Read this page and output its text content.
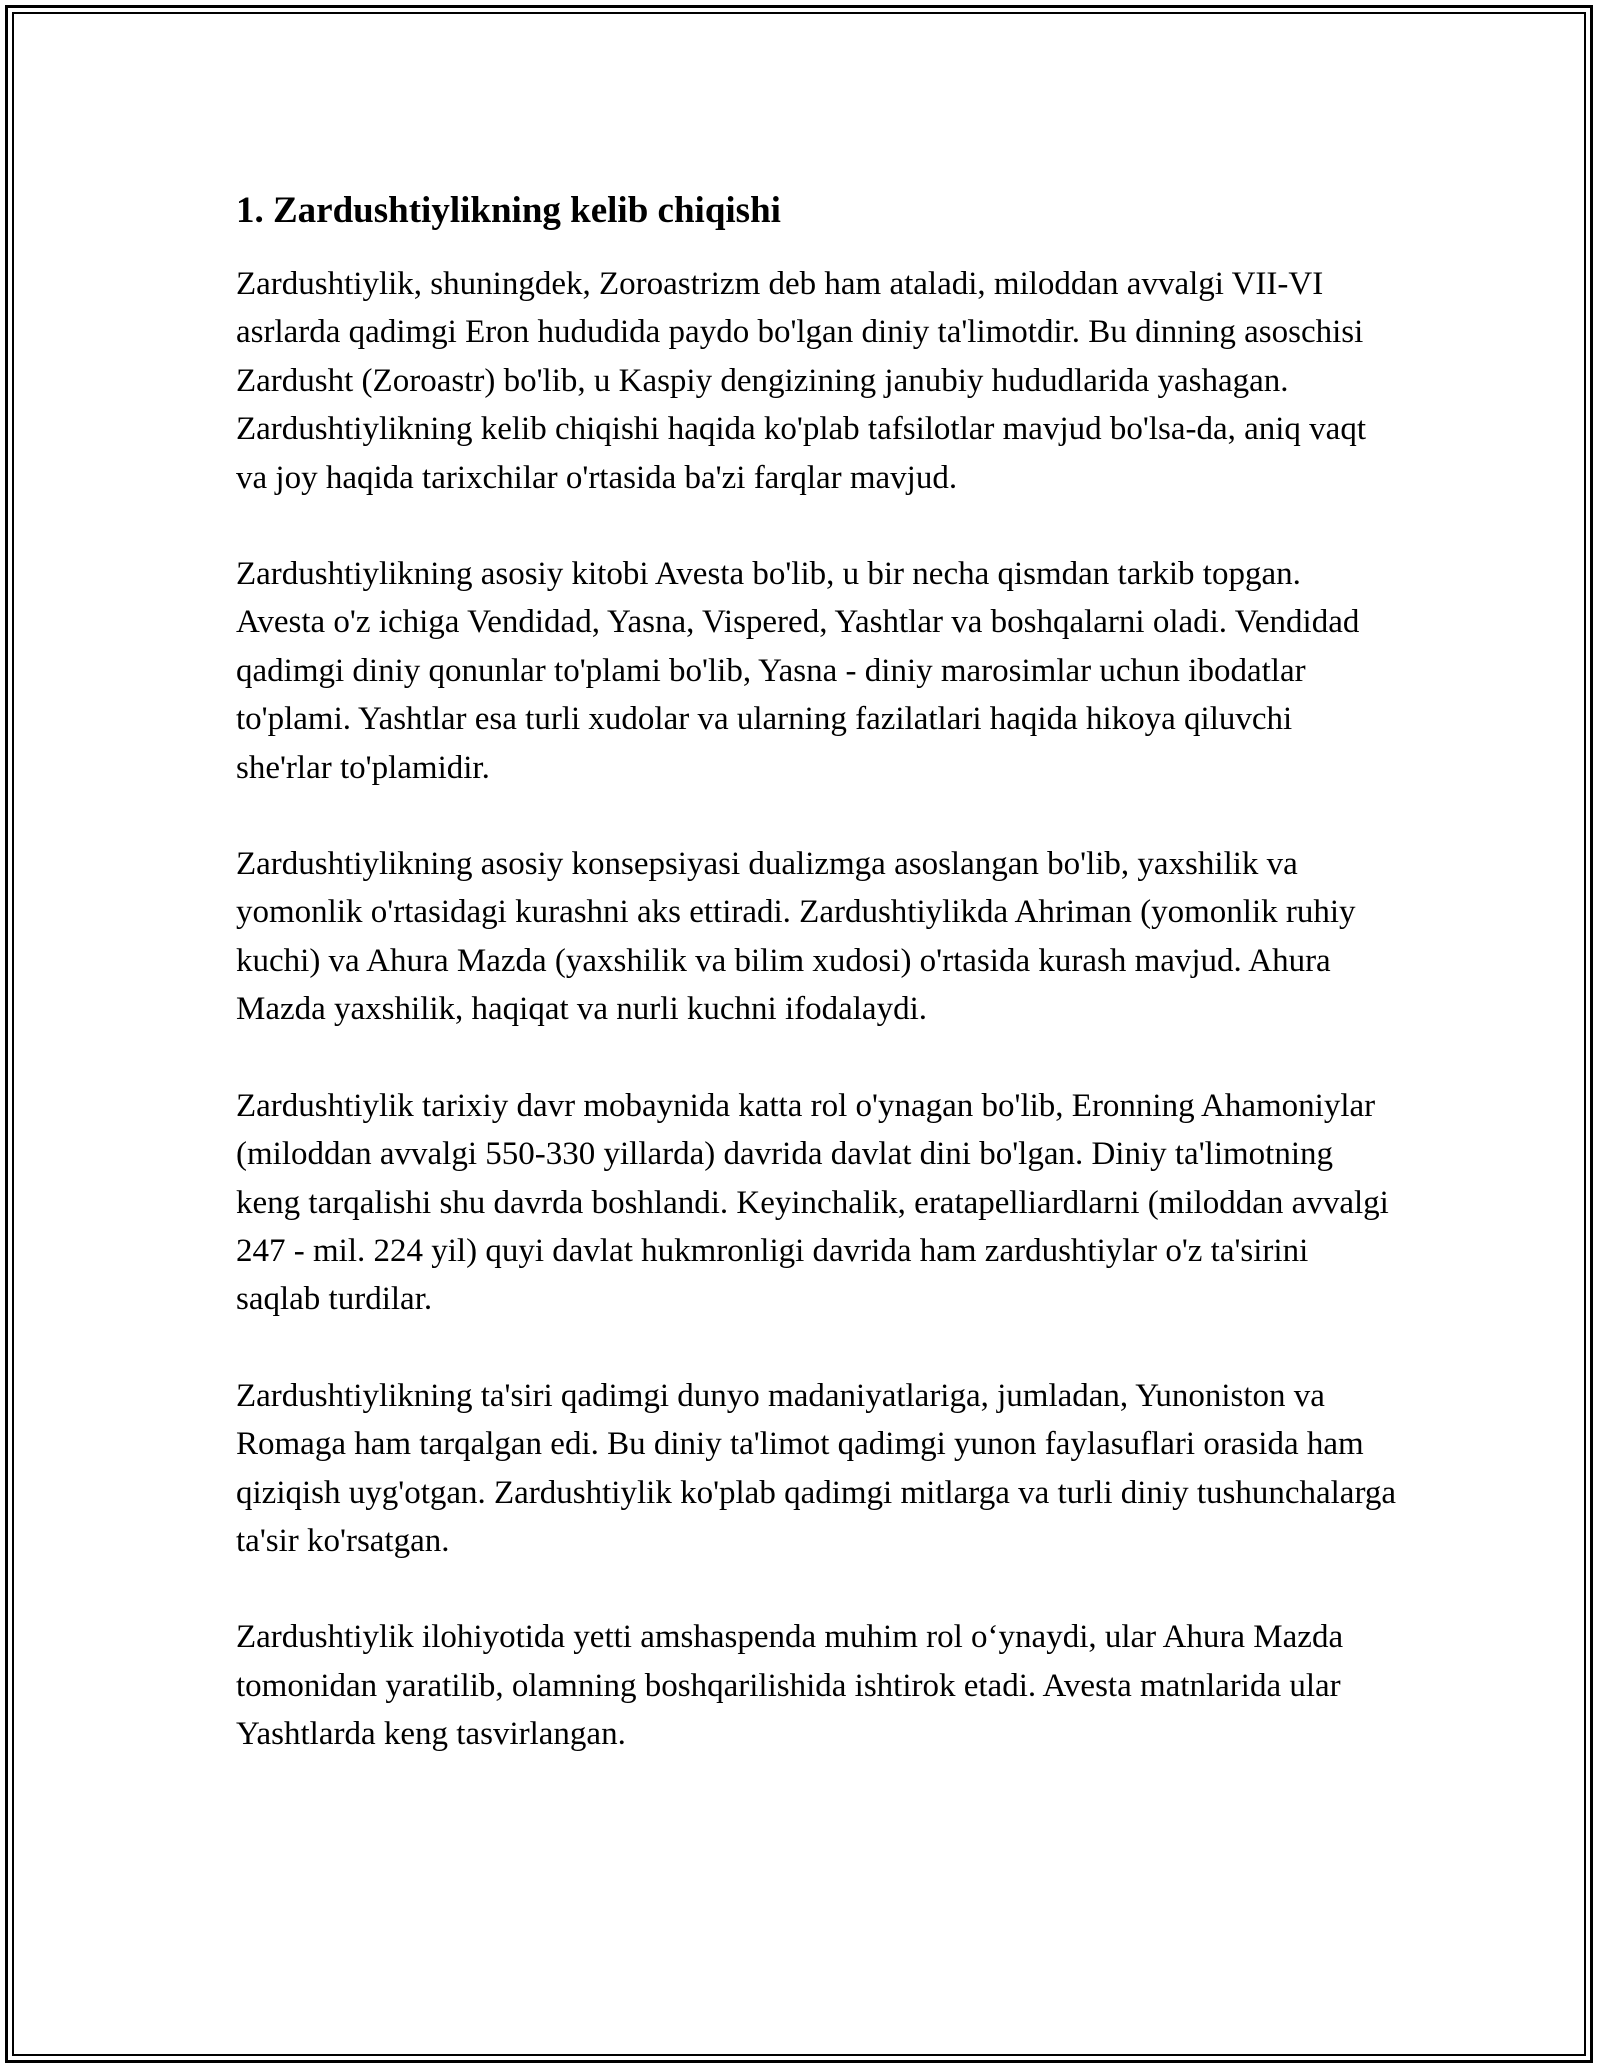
1. Zardushtiylikning kelib chiqishi

Zardushtiylik, shuningdek, Zoroastrizm deb ham ataladi, miloddan avvalgi VII-VI asrlarda qadimgi Eron hududida paydo bo'lgan diniy ta'limotdir. Bu dinning asoschisi Zardusht (Zoroastr) bo'lib, u Kaspiy dengizining janubiy hududlarida yashagan. Zardushtiylikning kelib chiqishi haqida ko'plab tafsilotlar mavjud bo'lsa-da, aniq vaqt va joy haqida tarixchilar o'rtasida ba'zi farqlar mavjud.

Zardushtiylikning asosiy kitobi Avesta bo'lib, u bir necha qismdan tarkib topgan. Avesta o'z ichiga Vendidad, Yasna, Vispered, Yashtlar va boshqalarni oladi. Vendidad qadimgi diniy qonunlar to'plami bo'lib, Yasna - diniy marosimlar uchun ibodatlar to'plami. Yashtlar esa turli xudolar va ularning fazilatlari haqida hikoya qiluvchi she'rlar to'plamidir.

Zardushtiylikning asosiy konsepsiyasi dualizmga asoslangan bo'lib, yaxshilik va yomonlik o'rtasidagi kurashni aks ettiradi. Zardushtiylikda Ahriman (yomonlik ruhiy kuchi) va Ahura Mazda (yaxshilik va bilim xudosi) o'rtasida kurash mavjud. Ahura Mazda yaxshilik, haqiqat va nurli kuchni ifodalaydi.

Zardushtiylik tarixiy davr mobaynida katta rol o'ynagan bo'lib, Eronning Ahamoniylar (miloddan avvalgi 550-330 yillarda) davrida davlat dini bo'lgan. Diniy ta'limotning keng tarqalishi shu davrda boshlandi. Keyinchalik, eratapelliardlarni (miloddan avvalgi 247 - mil. 224 yil) quyi davlat hukmronligi davrida ham zardushtiylar o'z ta'sirini saqlab turdilar.

Zardushtiylikning ta'siri qadimgi dunyo madaniyatlariga, jumladan, Yunoniston va Romaga ham tarqalgan edi. Bu diniy ta'limot qadimgi yunon faylasuflari orasida ham qiziqish uyg'otgan. Zardushtiylik ko'plab qadimgi mitlarga va turli diniy tushunchalarga ta'sir ko'rsatgan.

Zardushtiylik ilohiyotida yetti amshaspenda muhim rol o‘ynaydi, ular Ahura Mazda tomonidan yaratilib, olamning boshqarilishida ishtirok etadi. Avesta matnlarida ular Yashtlarda keng tasvirlangan.
